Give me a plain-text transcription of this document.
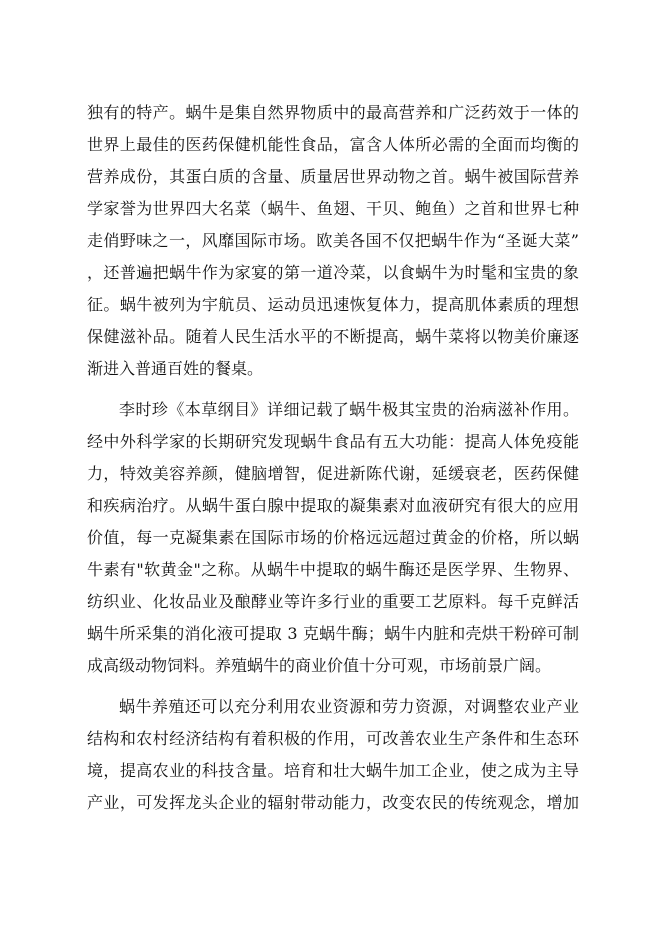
独有的特产。蜗牛是集自然界物质中的最高营养和广泛药效于一体的
世界上最佳的医药保健机能性食品，富含人体所必需的全面而均衡的
营养成份，其蛋白质的含量、质量居世界动物之首。蜗牛被国际营养
学家誉为世界四大名菜（蜗牛、鱼翅、干贝、鲍鱼）之首和世界七种
走俏野味之一，风靡国际市场。欧美各国不仅把蜗牛作为“圣诞大菜”
，还普遍把蜗牛作为家宴的第一道冷菜，以食蜗牛为时髦和宝贵的象
征。蜗牛被列为宇航员、运动员迅速恢复体力，提高肌体素质的理想
保健滋补品。随着人民生活水平的不断提高，蜗牛菜将以物美价廉逐
渐进入普通百姓的餐桌。
李时珍《本草纲目》详细记载了蜗牛极其宝贵的治病滋补作用。
经中外科学家的长期研究发现蜗牛食品有五大功能：提高人体免疫能
力，特效美容养颜，健脑增智，促进新陈代谢，延缓衰老，医药保健
和疾病治疗。从蜗牛蛋白腺中提取的凝集素对血液研究有很大的应用
价值，每一克凝集素在国际市场的价格远远超过黄金的价格，所以蜗
牛素有"软黄金"之称。从蜗牛中提取的蜗牛酶还是医学界、生物界、
纺织业、化妆品业及酿酵业等许多行业的重要工艺原料。每千克鲜活
蜗牛所采集的消化液可提取 3 克蜗牛酶；蜗牛内脏和壳烘干粉碎可制
成高级动物饲料。养殖蜗牛的商业价值十分可观，市场前景广阔。
蜗牛养殖还可以充分利用农业资源和劳力资源，对调整农业产业
结构和农村经济结构有着积极的作用，可改善农业生产条件和生态环
境，提高农业的科技含量。培育和壮大蜗牛加工企业，使之成为主导
产业，可发挥龙头企业的辐射带动能力，改变农民的传统观念，增加
